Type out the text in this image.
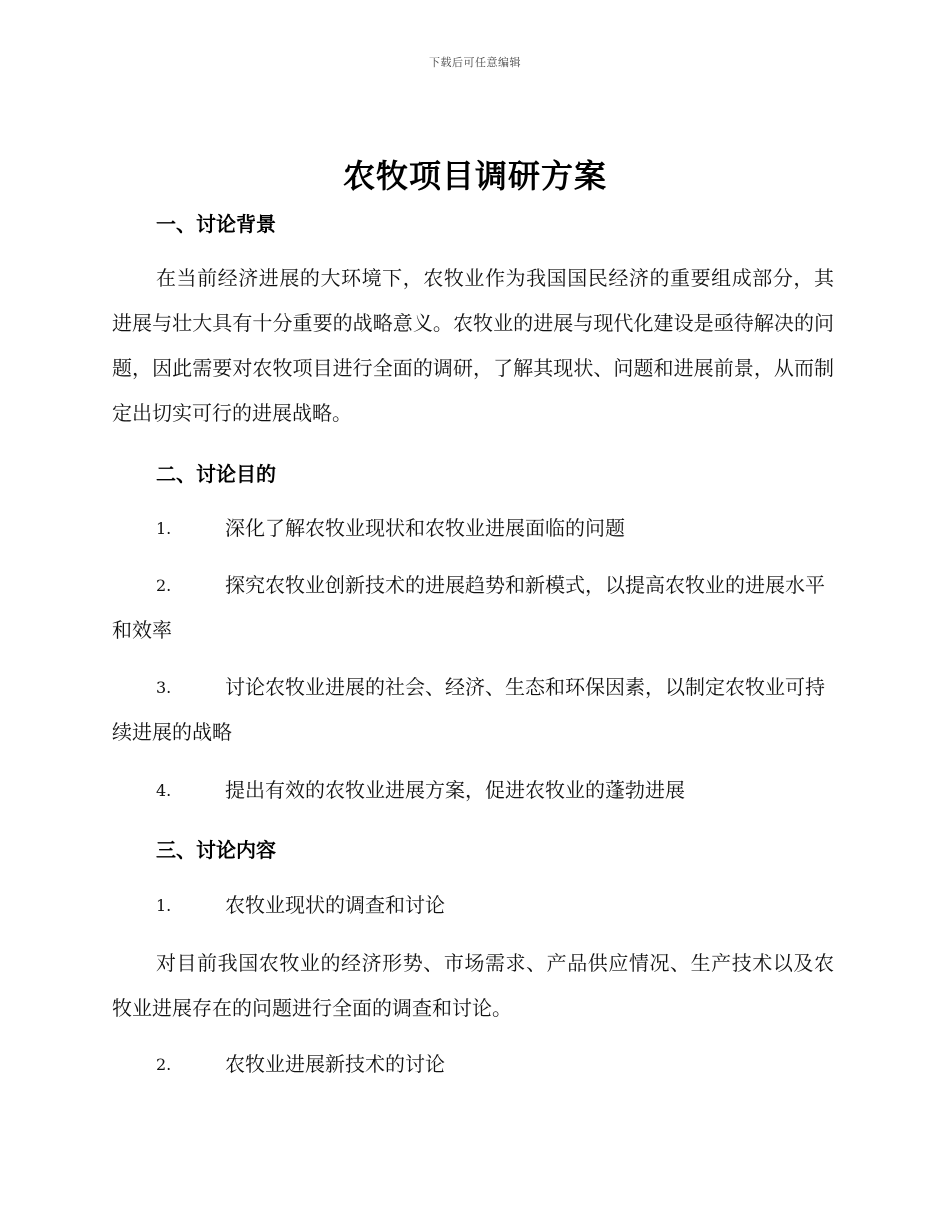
下载后可任意编辑
农牧项目调研方案
一、讨论背景
在当前经济进展的大环境下，农牧业作为我国国民经济的重要组成部分，其进展与壮大具有十分重要的战略意义。农牧业的进展与现代化建设是亟待解决的问题，因此需要对农牧项目进行全面的调研，了解其现状、问题和进展前景，从而制定出切实可行的进展战略。
二、讨论目的
1.	深化了解农牧业现状和农牧业进展面临的问题
2.	探究农牧业创新技术的进展趋势和新模式，以提高农牧业的进展水平和效率
3.	讨论农牧业进展的社会、经济、生态和环保因素，以制定农牧业可持续进展的战略
4.	提出有效的农牧业进展方案，促进农牧业的蓬勃进展
三、讨论内容
1.	农牧业现状的调查和讨论
对目前我国农牧业的经济形势、市场需求、产品供应情况、生产技术以及农牧业进展存在的问题进行全面的调查和讨论。
2.	农牧业进展新技术的讨论
